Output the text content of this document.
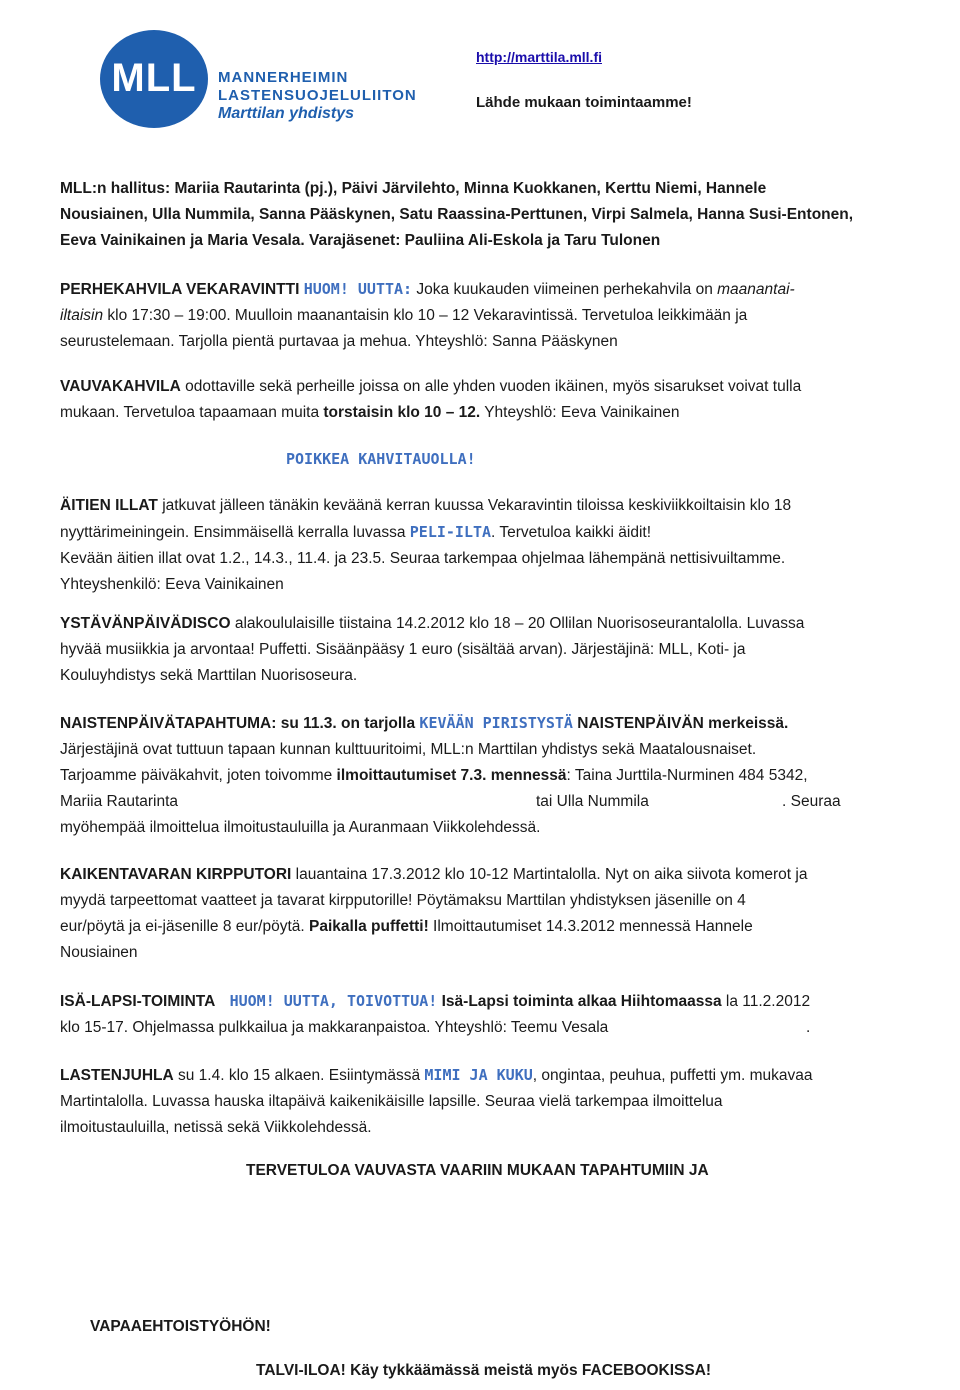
MLL	MANNERHEIMIN
LASTENSUOJELULIITON
Marttilan yhdistys
http://marttila.mll.fi
Lähde mukaan toimintaamme!
MLL:n hallitus: Mariia Rautarinta (pj.), Päivi Järvilehto, Minna Kuokkanen, Kerttu Niemi, Hannele
Nousiainen, Ulla Nummila, Sanna Pääskynen, Satu Raassina-Perttunen, Virpi Salmela, Hanna Susi-Entonen,
Eeva Vainikainen ja Maria Vesala. Varajäsenet: Pauliina Ali-Eskola ja Taru Tulonen
PERHEKAHVILA VEKARAVINTTI HUOM! UUTTA: Joka kuukauden viimeinen perhekahvila on maanantai-
iltaisin klo 17:30 – 19:00. Muulloin maanantaisin klo 10 – 12 Vekaravintissä. Tervetuloa leikkimään ja
seurustelemaan. Tarjolla pientä purtavaa ja mehua. Yhteyshlö: Sanna Pääskynen
VAUVAKAHVILA odottaville sekä perheille joissa on alle yhden vuoden ikäinen, myös sisarukset voivat tulla
mukaan. Tervetuloa tapaamaan muita torstaisin klo 10 – 12. Yhteyshlö: Eeva Vainikainen
POIKKEA KAHVITAUOLLA!
ÄITIEN ILLAT jatkuvat jälleen tänäkin keväänä kerran kuussa Vekaravintin tiloissa keskiviikkoiltaisin klo 18
nyyttärimeiningein. Ensimmäisellä kerralla luvassa PELI-ILTA. Tervetuloa kaikki äidit!
Kevään äitien illat ovat 1.2., 14.3., 11.4. ja 23.5. Seuraa tarkempaa ohjelmaa lähempänä nettisivuiltamme.
Yhteyshenkilö: Eeva Vainikainen
YSTÄVÄNPÄIVÄDISCO alakoululaisille tiistaina 14.2.2012 klo 18 – 20 Ollilan Nuorisoseurantalolla. Luvassa
hyvää musiikkia ja arvontaa! Puffetti. Sisäänpääsy 1 euro (sisältää arvan). Järjestäjinä: MLL, Koti- ja
Kouluyhdistys sekä Marttilan Nuorisoseura.
NAISTENPÄIVÄTAPAHTUMA: su 11.3. on tarjolla KEVÄÄN PIRISTYSTÄ NAISTENPÄIVÄN merkeissä.
Järjestäjinä ovat tuttuun tapaan kunnan kulttuuritoimi, MLL:n Marttilan yhdistys sekä Maatalousnaiset.
Tarjoamme päiväkahvit, joten toivomme ilmoittautumiset 7.3. mennessä: Taina Jurttila-Nurminen 484 5342,
Mariia Rautarinta	tai Ulla Nummila	. Seuraa
myöhempää ilmoittelua ilmoitustauluilla ja Auranmaan Viikkolehdessä.
KAIKENTAVARAN KIRPPUTORI lauantaina 17.3.2012 klo 10-12 Martintalolla. Nyt on aika siivota komerot ja
myydä tarpeettomat vaatteet ja tavarat kirpputorille! Pöytämaksu Marttilan yhdistyksen jäsenille on 4
eur/pöytä ja ei-jäsenille 8 eur/pöytä. Paikalla puffetti! Ilmoittautumiset 14.3.2012 mennessä Hannele
Nousiainen
ISÄ-LAPSI-TOIMINTA HUOM! UUTTA, TOIVOTTUA! Isä-Lapsi toiminta alkaa Hiihtomaassa la 11.2.2012
klo 15-17. Ohjelmassa pulkkailua ja makkaranpaistoa. Yhteyshlö: Teemu Vesala	.
LASTENJUHLA su 1.4. klo 15 alkaen. Esiintymässä MIMI JA KUKU, ongintaa, peuhua, puffetti ym. mukavaa
Martintalolla. Luvassa hauska iltapäivä kaikenikäisille lapsille. Seuraa vielä tarkempaa ilmoittelua
ilmoitustauluilla, netissä sekä Viikkolehdessä.
TERVETULOA VAUVASTA VAARIIN MUKAAN TAPAHTUMIIN JA
VAPAAEHTOISTYÖHÖN!
TALVI-ILOA! Käy tykkäämässä meistä myös FACEBOOKISSA!
